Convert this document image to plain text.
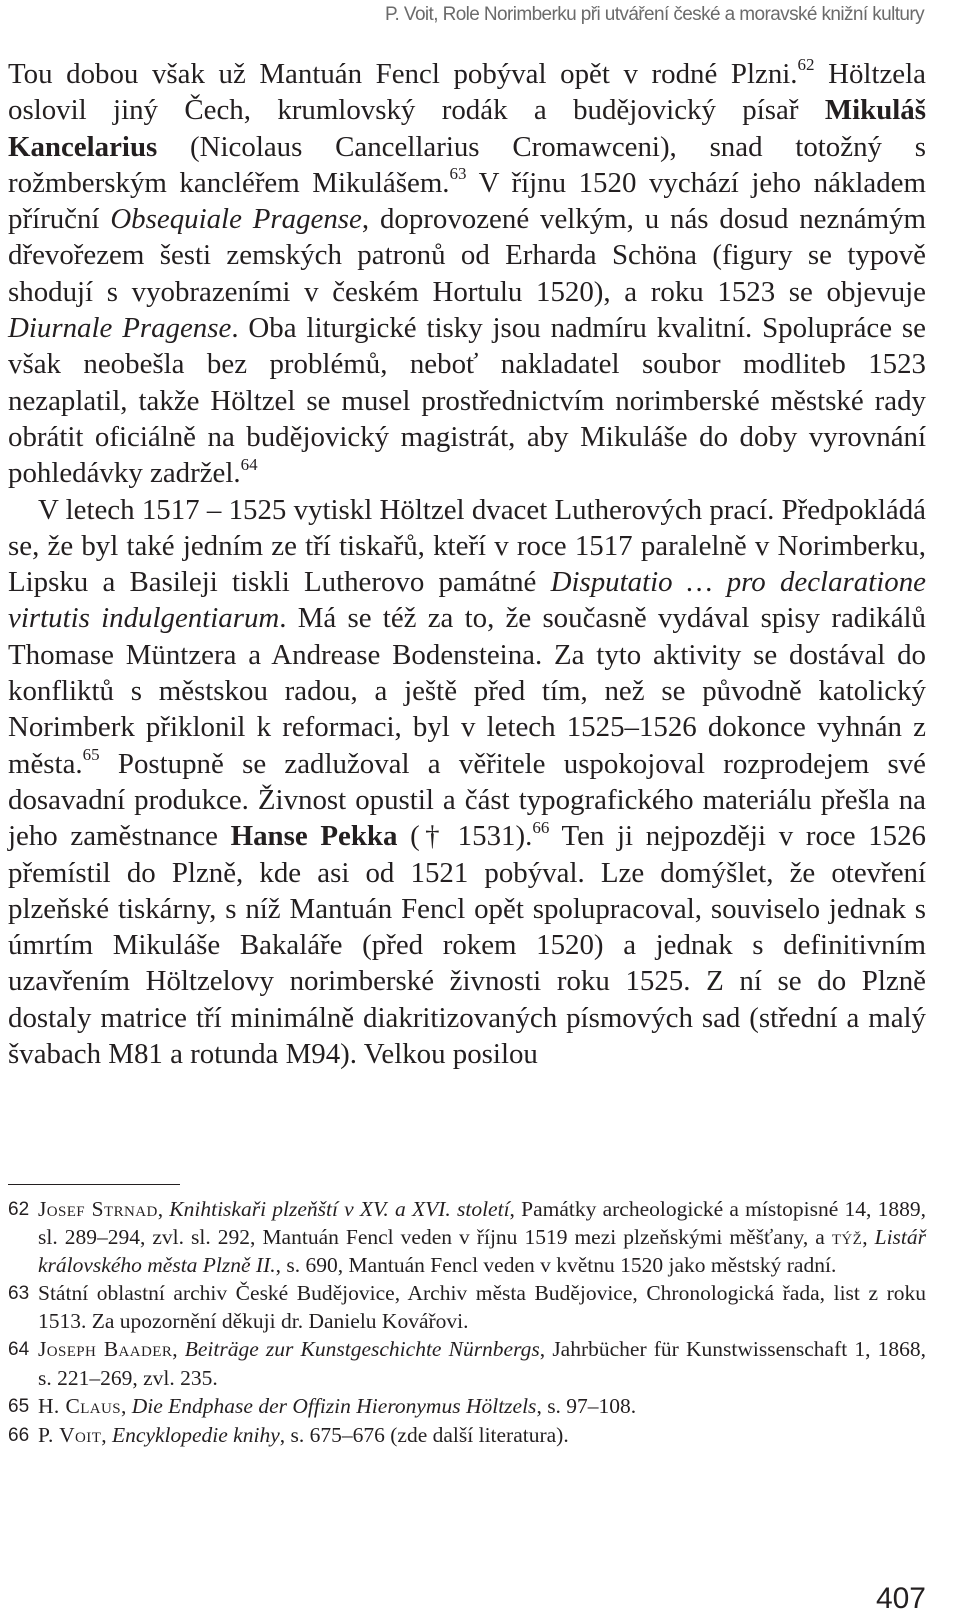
P. Voit, Role Norimberku při utváření české a moravské knižní kultury

Tou dobou však už Mantuán Fencl pobýval opět v rodné Plzni.$^{62}$ Höltzela oslovil jiný Čech, krumlovský rodák a budějovický písař Mikuláš Kancelarius (Nicolaus Cancellarius Cromawceni), snad totožný s rožmberským kancléřem Mikulášem.$^{63}$ V říjnu 1520 vychází jeho nákladem příruční Obsequiale Pragense, doprovozené velkým, u nás dosud neznámým dřevořezem šesti zemských patronů od Erharda Schöna (figury se typově shodují s vyobrazeními v českém Hortulu 1520), a roku 1523 se objevuje Diurnale Pragense. Oba liturgické tisky jsou nadmíru kvalitní. Spolupráce se však neobešla bez problémů, neboť nakladatel soubor modliteb 1523 nezaplatil, takže Höltzel se musel prostřednictvím norimberské městské rady obrátit oficiálně na budějovický magistrát, aby Mikuláše do doby vyrovnání pohledávky zadržel.$^{64}$

V letech 1517 – 1525 vytiskl Höltzel dvacet Lutherových prací. Předpokládá se, že byl také jedním ze tří tiskařů, kteří v roce 1517 paralelně v Norimberku, Lipsku a Basileji tiskli Lutherovo památné Disputatio … pro declaratione virtutis indulgentiarum. Má se též za to, že současně vydával spisy radikálů Thomase Müntzera a Andrease Bodensteina. Za tyto aktivity se dostával do konfliktů s městskou radou, a ještě před tím, než se původně katolický Norimberk přiklonil k reformaci, byl v letech 1525–1526 dokonce vyhnán z města.$^{65}$ Postupně se zadlužoval a věřitele uspokojoval rozprodejem své dosavadní produkce. Živnost opustil a část typografického materiálu přešla na jeho zaměstnance Hanse Pekka († 1531).$^{66}$ Ten ji nejpozději v roce 1526 přemístil do Plzně, kde asi od 1521 pobýval. Lze domýšlet, že otevření plzeňské tiskárny, s níž Mantuán Fencl opět spolupracoval, souviselo jednak s úmrtím Mikuláše Bakaláře (před rokem 1520) a jednak s definitivním uzavřením Höltzelovy norimberské živnosti roku 1525. Z ní se do Plzně dostaly matrice tří minimálně diakritizovaných písmových sad (střední a malý švabach M81 a rotunda M94). Velkou posilou

62 Josef Strnad, Knihtiskaři plzeňští v XV. a XVI. století, Památky archeologické a místopisné 14, 1889, sl. 289–294, zvl. sl. 292, Mantuán Fencl veden v říjnu 1519 mezi plzeňskými měšťany, a týž, Listář královského města Plzně II., s. 690, Mantuán Fencl veden v květnu 1520 jako městský radní.
63 Státní oblastní archiv České Budějovice, Archiv města Budějovice, Chronologická řada, list z roku 1513. Za upozornění děkuji dr. Danielu Kovářovi.
64 Joseph Baader, Beiträge zur Kunstgeschichte Nürnbergs, Jahrbücher für Kunstwissenschaft 1, 1868, s. 221–269, zvl. 235.
65 H. Claus, Die Endphase der Offizin Hieronymus Höltzels, s. 97–108.
66 P. Voit, Encyklopedie knihy, s. 675–676 (zde další literatura).
407
